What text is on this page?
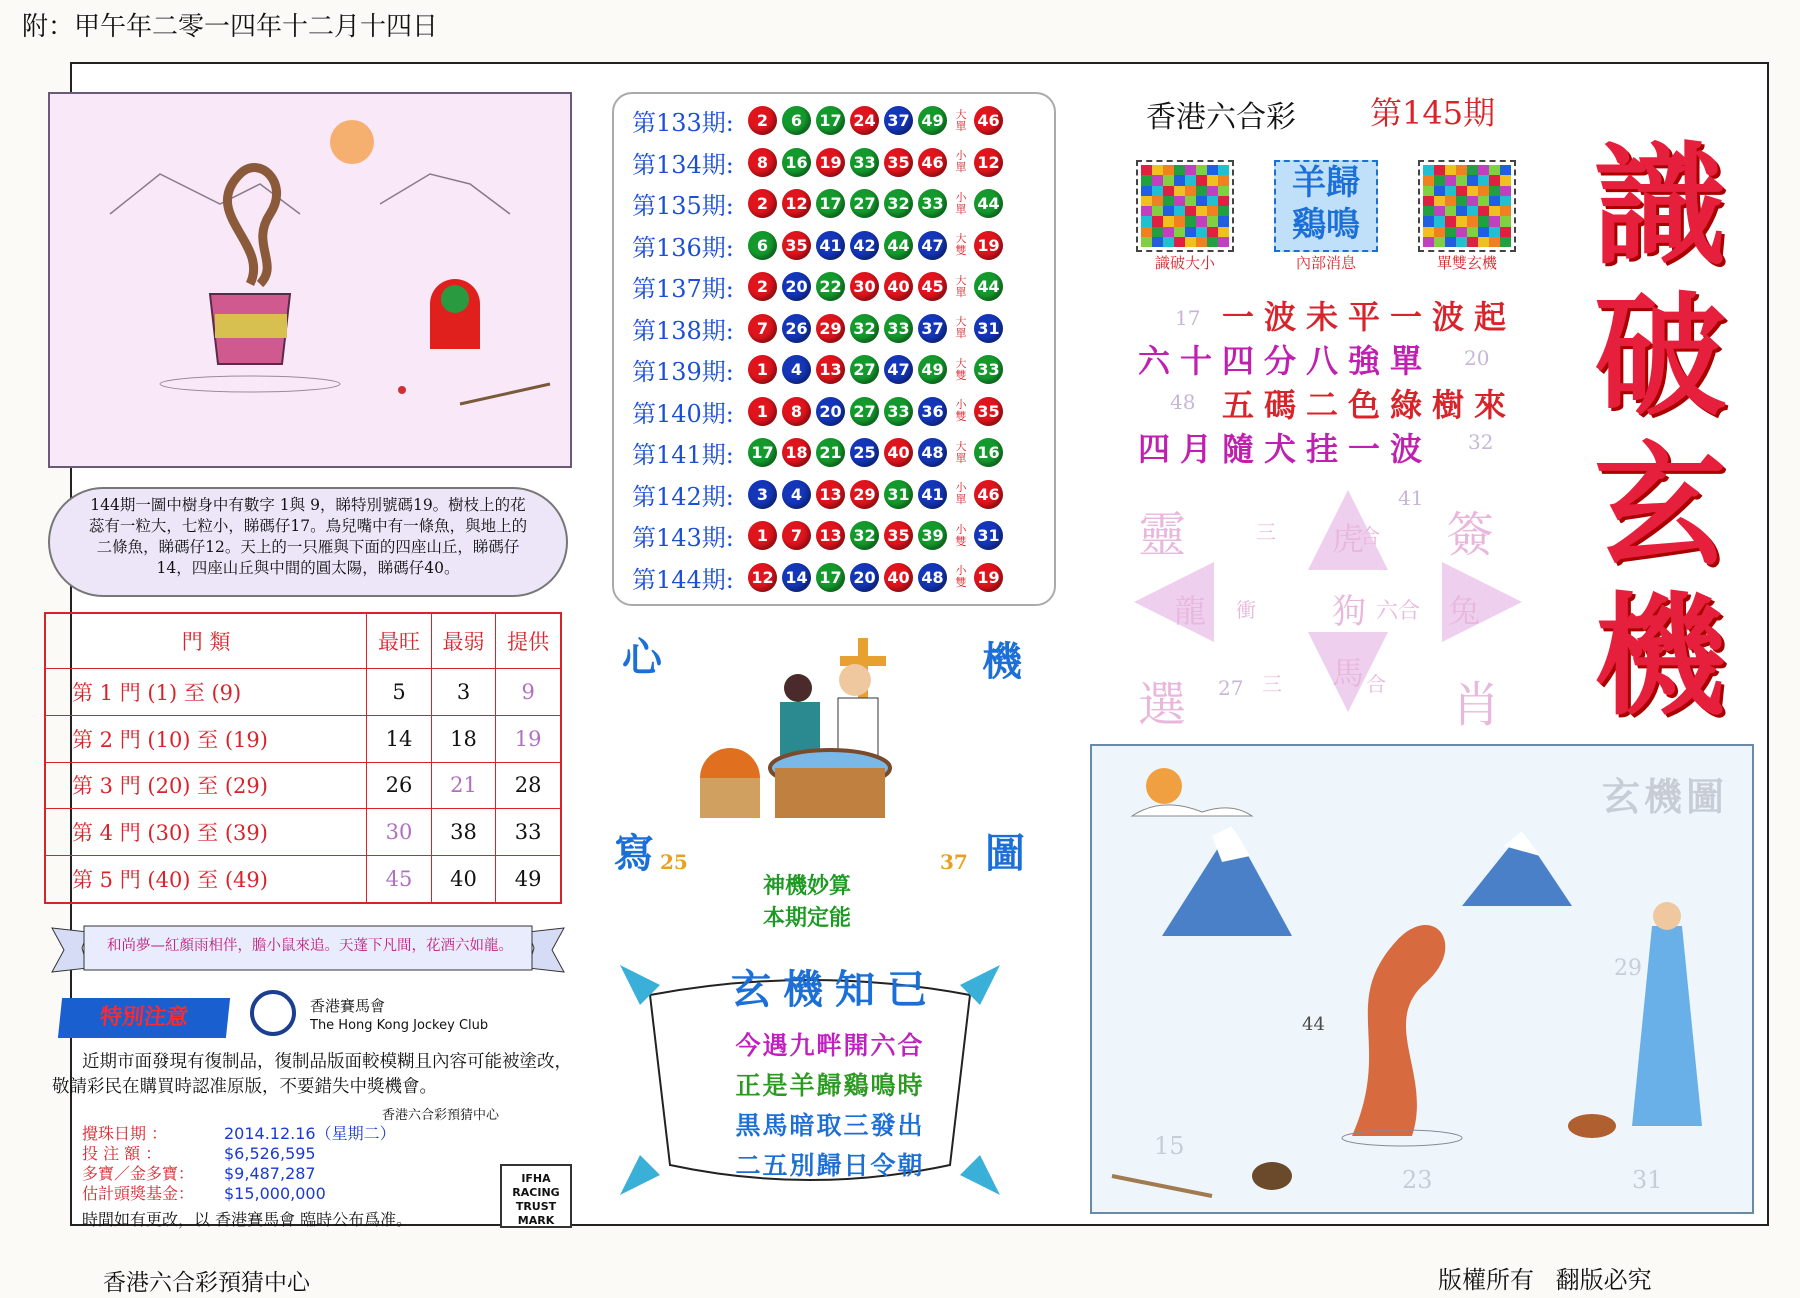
附：甲午年二零一四年十二月十四日
144期一圖中樹身中有數字 1與 9，睇特別號碼19。樹枝上的花蕊有一粒大，七粒小，睇碼仔17。鳥兒嘴中有一條魚，與地上的二條魚，睇碼仔12。天上的一只雁與下面的四座山丘，睇碼仔14，四座山丘與中間的圓太陽，睇碼仔40。
門 類	最旺	最弱	提供
第 1 門 (1) 至 (9)	5	3	9
第 2 門 (10) 至 (19)	14	18	19
第 3 門 (20) 至 (29)	26	21	28
第 4 門 (30) 至 (39)	30	38	33
第 5 門 (40) 至 (49)	45	40	49
和尚夢—紅顏雨相伴，膽小鼠來追。天蓬下凡間，花酒六如龍。
特別注意	香港賽馬會
The Hong Kong Jockey Club
近期市面發現有復制品，復制品版面較模糊且內容可能被塗改，敬請彩民在購買時認准原版，不要錯失中獎機會。
香港六合彩預猜中心
攪珠日期 ：	2014.12.16（星期二）
投 注 額 ：	$6,526,595
多寶／金多寶： $9,487,287
估計頭獎基金： $15,000,000
IFHA RACING TRUST MARK
時間如有更改，以 香港賽馬會 臨時公布爲准。
第133期:	2	6	17 24 37 49	大單 46
第134期:	8	16 19 33 35 46	小單 12
第135期:	2	12 17 27 32 33	小單 44
第136期:	6	35 41 42 44 47	大雙 19
第137期:	2	20 22 30 40 45	大單 44
第138期:	7	26 29 32 33 37	大單 31
第139期:	1	4	13 27 47 49	大雙 33
第140期:	1	8	20 27 33 36	小雙 35
第141期:	17 18 21 25 40 48	大單 16
第142期:	3	4	13 29 31 41	小單 46
第143期:	1	7	13 32 35 39	小雙 31
第144期:	12 14 17 20 40 48	小雙 19
心	機
寫	圖
25	37
神機妙算
本期定能
玄機知已
今遇九畔開六合
正是羊歸鷄鳴時
黒馬暗取三發出
二五別歸日令朝
香港六合彩 第145期
識破大小
羊歸
鷄鳴
內部消息	單雙玄機
一波未平一波起
六十四分八強單
五碼二色綠樹來
四月隨犬挂一波
17
20
48
32
41
27
靈	簽
選	肖
龍	兔
虎
馬
狗
三	合
衝	六合
三	合
識
破
玄
機
玄機圖
29
44
15
23	31
香港六合彩預猜中心	版權所有 翻版必究
